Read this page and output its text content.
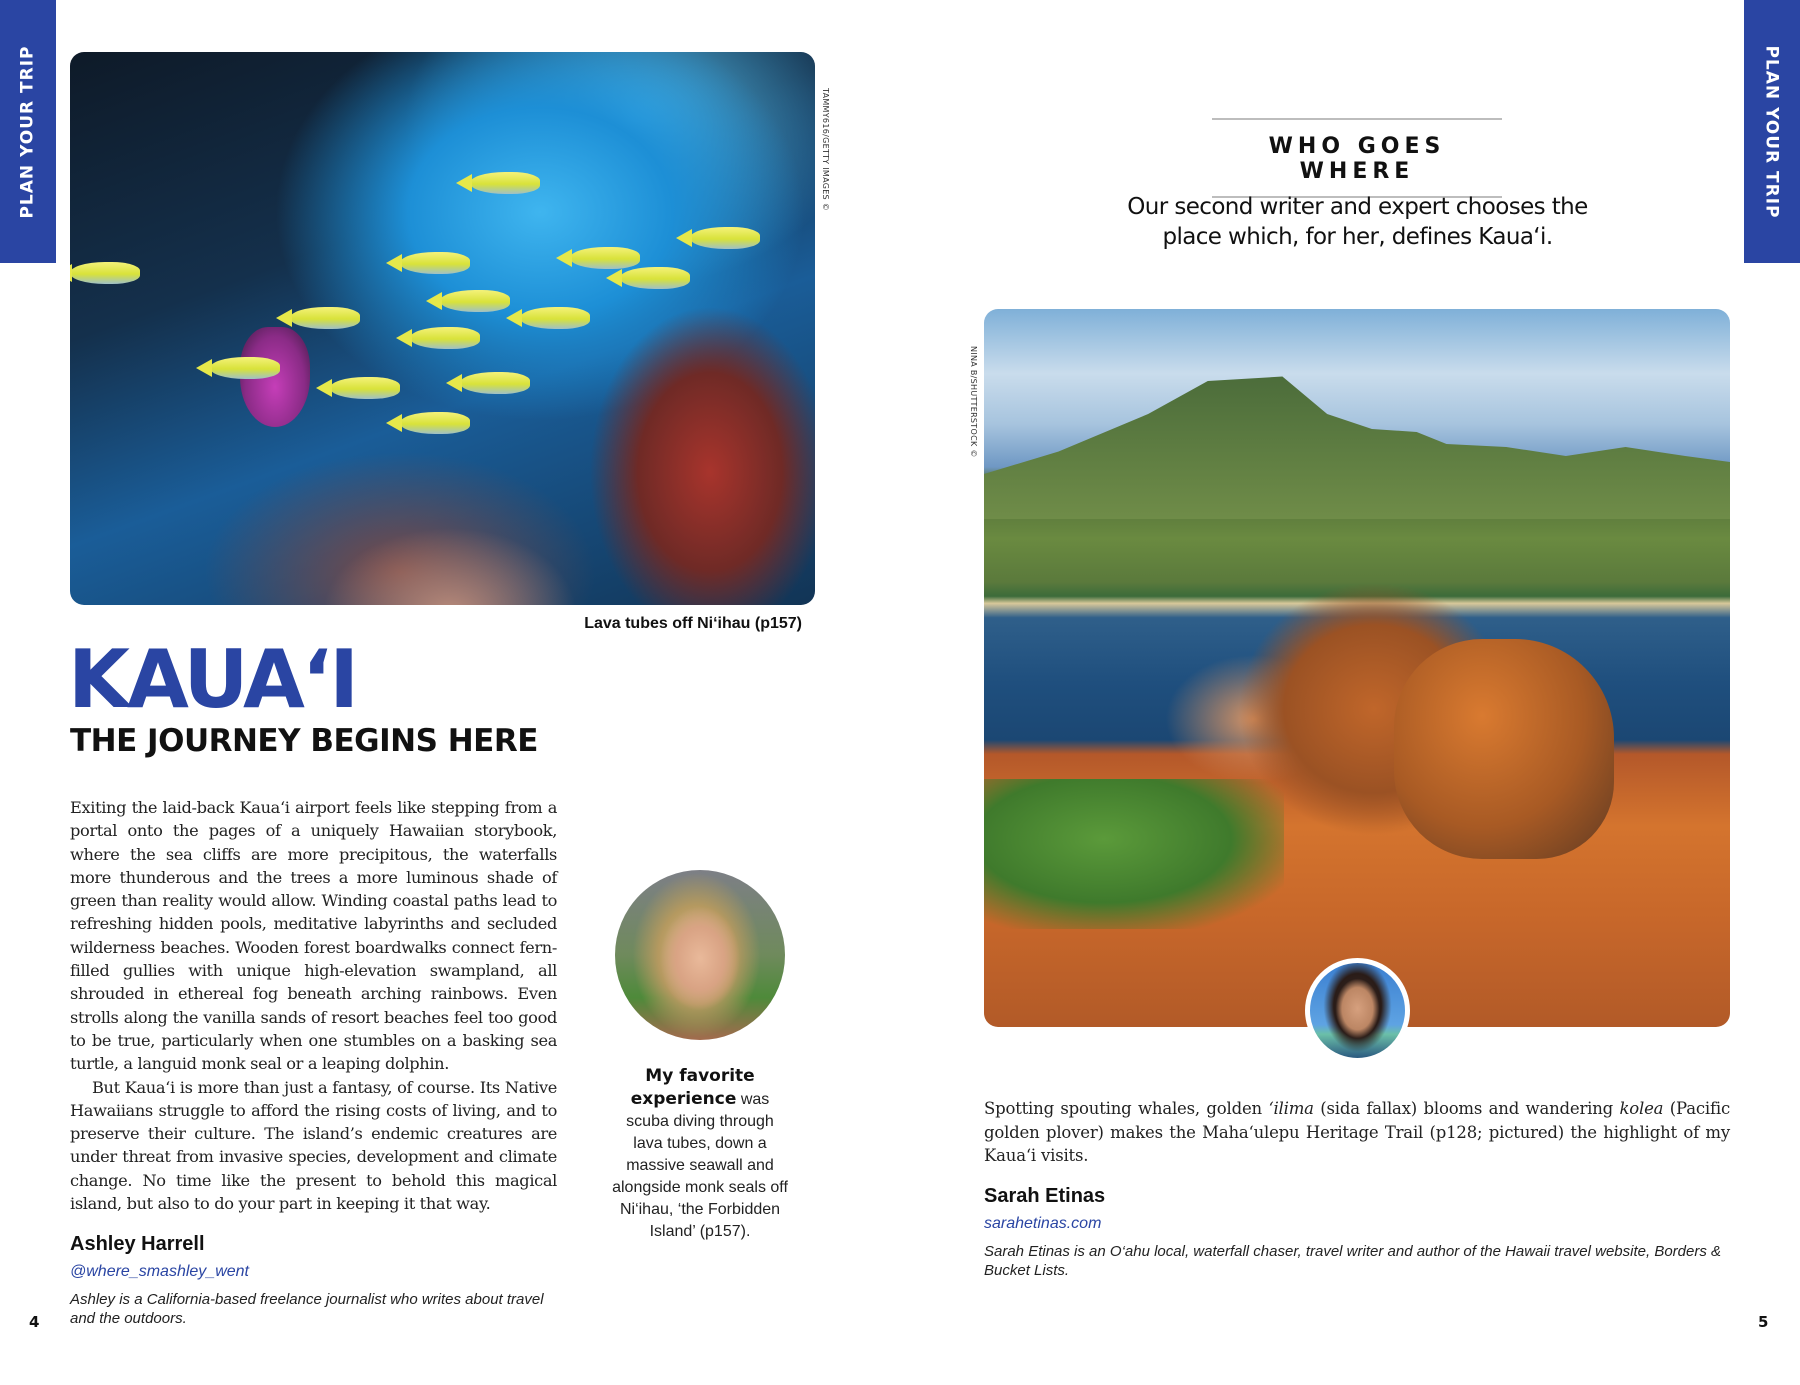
PLAN YOUR TRIP	PLAN YOUR TRIP
TAMMY616/GETTY IMAGES ©
Lava tubes off Ni‘ihau (p157)
KAUA‘I
THE JOURNEY BEGINS HERE

Exiting the laid-back Kaua‘i airport feels like stepping from a portal onto the pages of a uniquely Hawaiian storybook, where the sea cliffs are more precipitous, the waterfalls more thunderous and the trees a more luminous shade of green than reality would allow. Winding coastal paths lead to refreshing hidden pools, meditative labyrinths and secluded wilderness beaches. Wooden forest boardwalks connect fern-filled gullies with unique high-elevation swampland, all shrouded in ethereal fog beneath arching rainbows. Even strolls along the vanilla sands of resort beaches feel too good to be true, particularly when one stumbles on a basking sea turtle, a languid monk seal or a leaping dolphin.

But Kaua‘i is more than just a fantasy, of course. Its Native Hawaiians struggle to afford the rising costs of living, and to preserve their culture. The island’s endemic creatures are under threat from invasive species, development and climate change. No time like the present to behold this magical island, but also to do your part in keeping it that way.

Ashley Harrell
@where_smashley_went
Ashley is a California-based freelance journalist who writes about travel and the outdoors.
My favorite experience was scuba diving through lava tubes, down a massive seawall and alongside monk seals off Ni‘ihau, ‘the Forbidden Island’ (p157).
4
WHO GOES WHERE
Our second writer and expert chooses the place which, for her, defines Kaua‘i.
NINA B/SHUTTERSTOCK ©
Spotting spouting whales, golden ‘ilima (sida fallax) blooms and wandering kolea (Pacific golden plover) makes the Maha‘ulepu Heritage Trail (p128; pictured) the highlight of my Kaua‘i visits.
Sarah Etinas
sarahetinas.com
Sarah Etinas is an O‘ahu local, waterfall chaser, travel writer and author of the Hawaii travel website, Borders & Bucket Lists.
5
